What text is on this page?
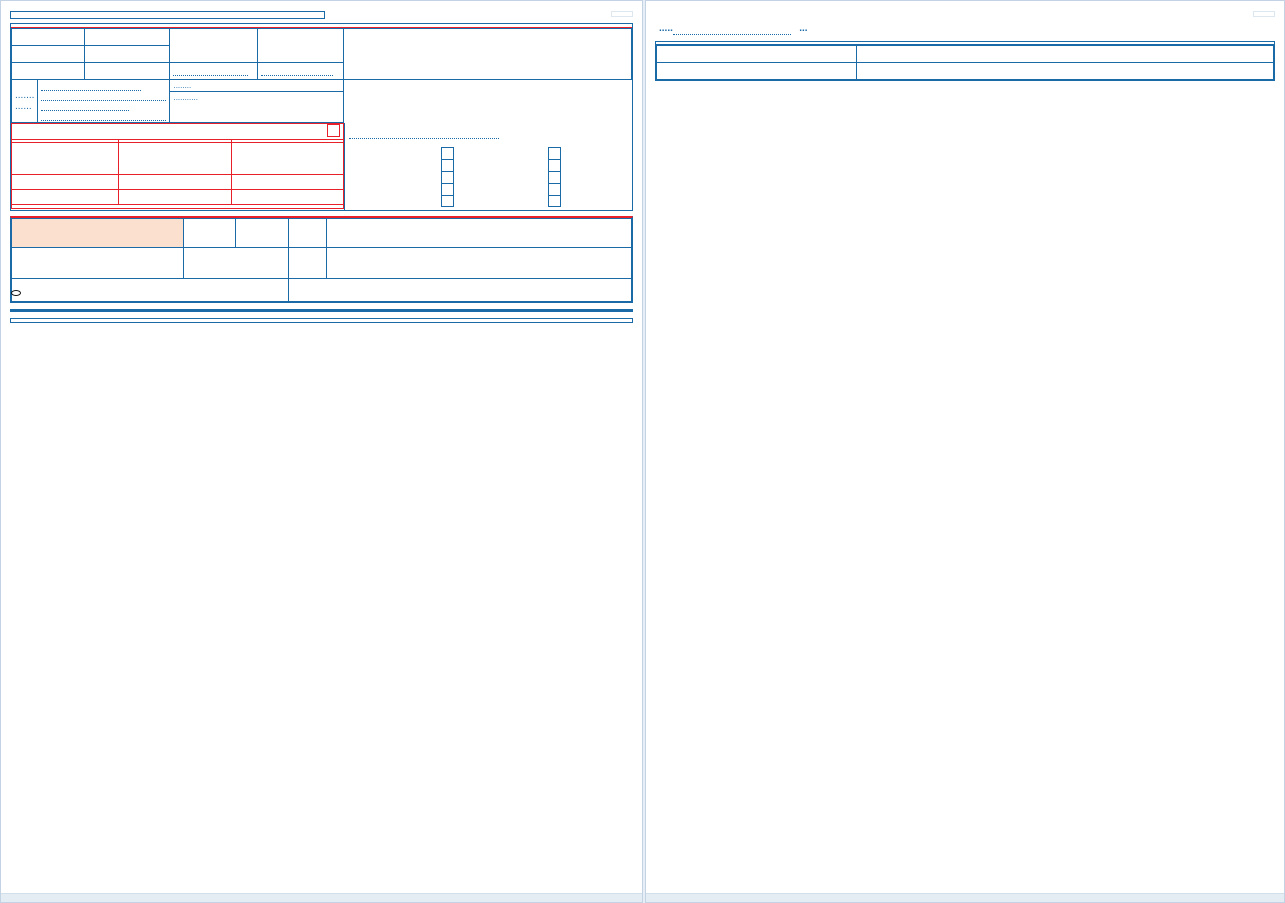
.......
......

........
...........

.....	...
